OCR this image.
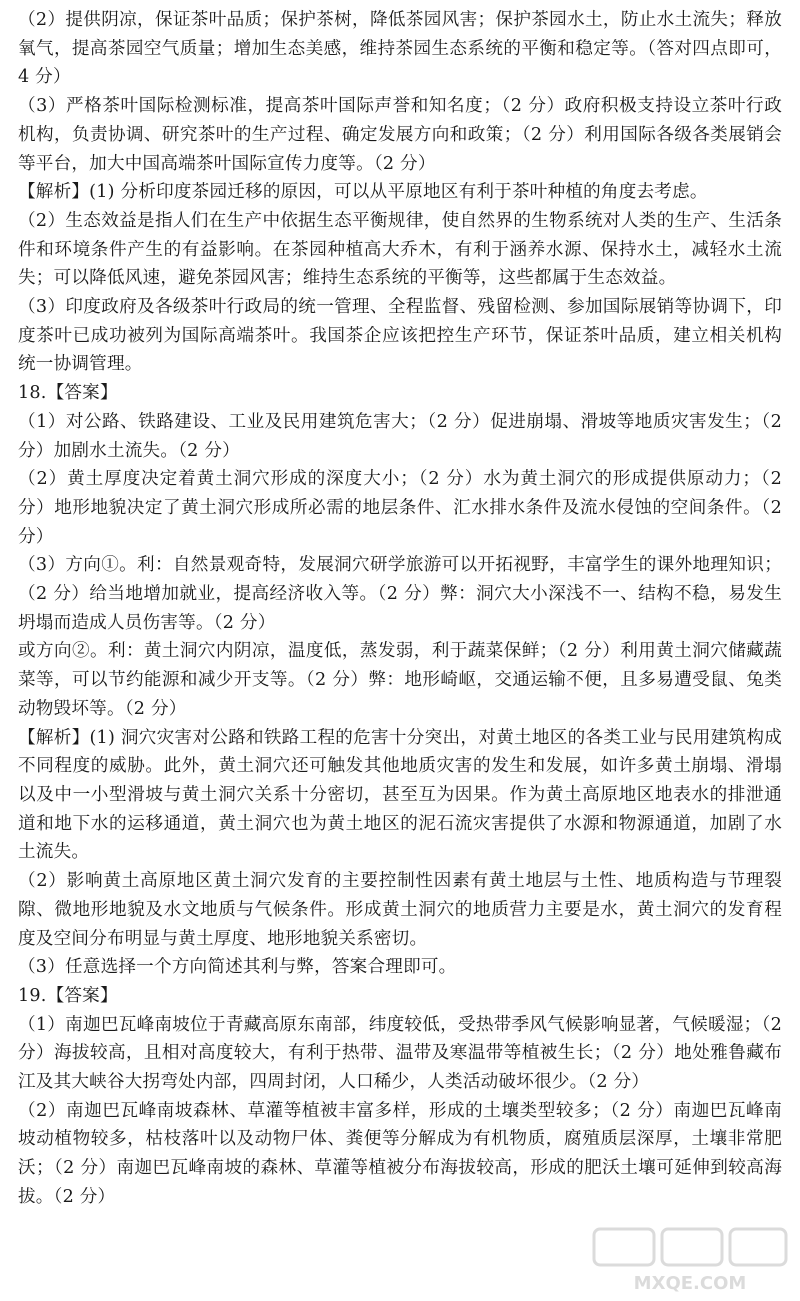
（2）提供阴凉，保证茶叶品质；保护茶树，降低茶园风害；保护茶园水土，防止水土流失；释放氧气，提高茶园空气质量；增加生态美感，维持茶园生态系统的平衡和稳定等。（答对四点即可，4 分）

（3）严格茶叶国际检测标准，提高茶叶国际声誉和知名度；（2 分）政府积极支持设立茶叶行政机构，负责协调、研究茶叶的生产过程、确定发展方向和政策；（2 分）利用国际各级各类展销会等平台，加大中国高端茶叶国际宣传力度等。（2 分）

【解析】(1) 分析印度茶园迁移的原因，可以从平原地区有利于茶叶种植的角度去考虑。

（2）生态效益是指人们在生产中依据生态平衡规律，使自然界的生物系统对人类的生产、生活条件和环境条件产生的有益影响。在茶园种植高大乔木，有利于涵养水源、保持水土，减轻水土流失；可以降低风速，避免茶园风害；维持生态系统的平衡等，这些都属于生态效益。

（3）印度政府及各级茶叶行政局的统一管理、全程监督、残留检测、参加国际展销等协调下，印度茶叶已成功被列为国际高端茶叶。我国茶企应该把控生产环节，保证茶叶品质，建立相关机构统一协调管理。

18.【答案】

（1）对公路、铁路建设、工业及民用建筑危害大；（2 分）促进崩塌、滑坡等地质灾害发生；（2 分）加剧水土流失。（2 分）

（2）黄土厚度决定着黄土洞穴形成的深度大小；（2 分）水为黄土洞穴的形成提供原动力；（2 分）地形地貌决定了黄土洞穴形成所必需的地层条件、汇水排水条件及流水侵蚀的空间条件。（2 分）

（3）方向①。利：自然景观奇特，发展洞穴研学旅游可以开拓视野，丰富学生的课外地理知识；（2 分）给当地增加就业，提高经济收入等。（2 分）弊：洞穴大小深浅不一、结构不稳，易发生坍塌而造成人员伤害等。（2 分）

或方向②。利：黄土洞穴内阴凉，温度低，蒸发弱，利于蔬菜保鲜；（2 分）利用黄土洞穴储藏蔬菜等，可以节约能源和减少开支等。（2 分）弊：地形崎岖，交通运输不便，且多易遭受鼠、兔类动物毁坏等。（2 分）

【解析】(1) 洞穴灾害对公路和铁路工程的危害十分突出，对黄土地区的各类工业与民用建筑构成不同程度的威胁。此外，黄土洞穴还可触发其他地质灾害的发生和发展，如许多黄土崩塌、滑塌以及中一小型滑坡与黄土洞穴关系十分密切，甚至互为因果。作为黄土高原地区地表水的排泄通道和地下水的运移通道，黄土洞穴也为黄土地区的泥石流灾害提供了水源和物源通道，加剧了水土流失。

（2）影响黄土高原地区黄土洞穴发育的主要控制性因素有黄土地层与土性、地质构造与节理裂隙、微地形地貌及水文地质与气候条件。形成黄土洞穴的地质营力主要是水，黄土洞穴的发育程度及空间分布明显与黄土厚度、地形地貌关系密切。

（3）任意选择一个方向简述其利与弊，答案合理即可。

19.【答案】

（1）南迦巴瓦峰南坡位于青藏高原东南部，纬度较低，受热带季风气候影响显著，气候暖湿；（2 分）海拔较高，且相对高度较大，有利于热带、温带及寒温带等植被生长；（2 分）地处雅鲁藏布江及其大峡谷大拐弯处内部，四周封闭，人口稀少，人类活动破坏很少。（2 分）

（2）南迦巴瓦峰南坡森林、草灌等植被丰富多样，形成的土壤类型较多；（2 分）南迦巴瓦峰南坡动植物较多，枯枝落叶以及动物尸体、粪便等分解成为有机物质，腐殖质层深厚，土壤非常肥沃；（2 分）南迦巴瓦峰南坡的森林、草灌等植被分布海拔较高，形成的肥沃土壤可延伸到较高海拔。（2 分）

MXQE.COM
